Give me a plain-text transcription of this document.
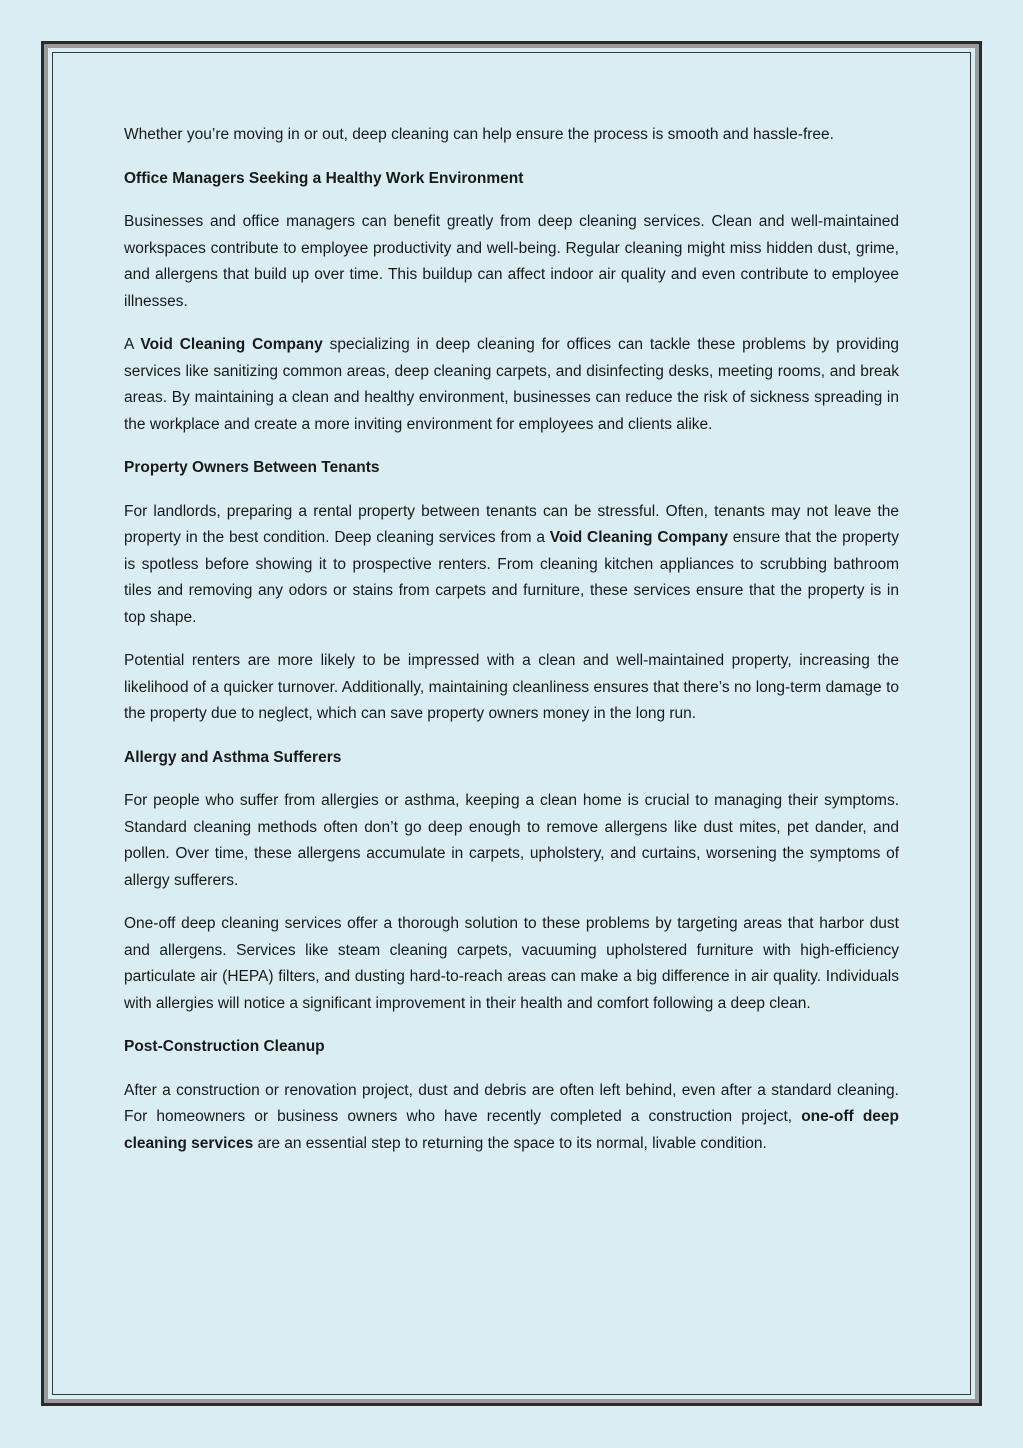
Whether you’re moving in or out, deep cleaning can help ensure the process is smooth and hassle-free.

Office Managers Seeking a Healthy Work Environment

Businesses and office managers can benefit greatly from deep cleaning services. Clean and well-maintained workspaces contribute to employee productivity and well-being. Regular cleaning might miss hidden dust, grime, and allergens that build up over time. This buildup can affect indoor air quality and even contribute to employee illnesses.

A Void Cleaning Company specializing in deep cleaning for offices can tackle these problems by providing services like sanitizing common areas, deep cleaning carpets, and disinfecting desks, meeting rooms, and break areas. By maintaining a clean and healthy environment, businesses can reduce the risk of sickness spreading in the workplace and create a more inviting environment for employees and clients alike.

Property Owners Between Tenants

For landlords, preparing a rental property between tenants can be stressful. Often, tenants may not leave the property in the best condition. Deep cleaning services from a Void Cleaning Company ensure that the property is spotless before showing it to prospective renters. From cleaning kitchen appliances to scrubbing bathroom tiles and removing any odors or stains from carpets and furniture, these services ensure that the property is in top shape.

Potential renters are more likely to be impressed with a clean and well-maintained property, increasing the likelihood of a quicker turnover. Additionally, maintaining cleanliness ensures that there’s no long-term damage to the property due to neglect, which can save property owners money in the long run.

Allergy and Asthma Sufferers

For people who suffer from allergies or asthma, keeping a clean home is crucial to managing their symptoms. Standard cleaning methods often don’t go deep enough to remove allergens like dust mites, pet dander, and pollen. Over time, these allergens accumulate in carpets, upholstery, and curtains, worsening the symptoms of allergy sufferers.

One-off deep cleaning services offer a thorough solution to these problems by targeting areas that harbor dust and allergens. Services like steam cleaning carpets, vacuuming upholstered furniture with high-efficiency particulate air (HEPA) filters, and dusting hard-to-reach areas can make a big difference in air quality. Individuals with allergies will notice a significant improvement in their health and comfort following a deep clean.

Post-Construction Cleanup

After a construction or renovation project, dust and debris are often left behind, even after a standard cleaning. For homeowners or business owners who have recently completed a construction project, one-off deep cleaning services are an essential step to returning the space to its normal, livable condition.
